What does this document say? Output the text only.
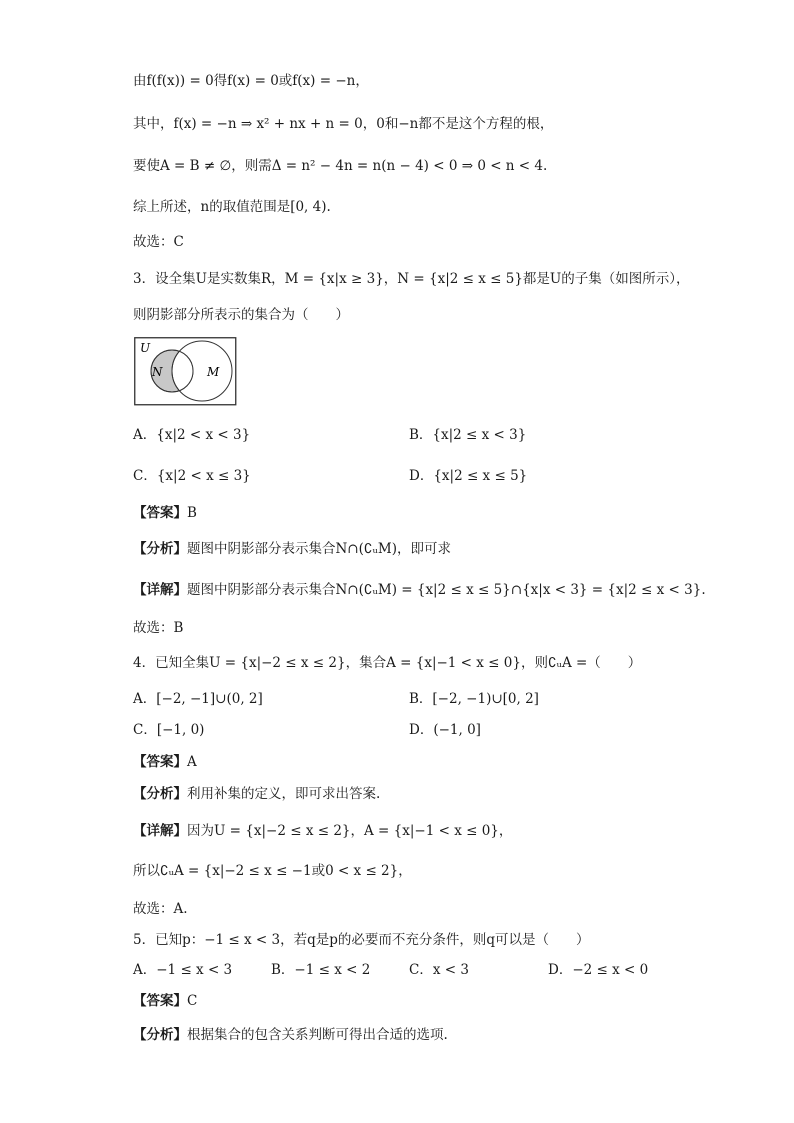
由f(f(x)) = 0得f(x) = 0或f(x) = −n，
其中，f(x) = −n ⇒ x² + nx + n = 0，0和−n都不是这个方程的根，
要使A = B ≠ ∅，则需Δ = n² − 4n = n(n − 4) < 0 ⇒ 0 < n < 4.
综上所述，n的取值范围是[0, 4).
故选：C
3．设全集U是实数集R，M = {x|x ≥ 3}，N = {x|2 ≤ x ≤ 5}都是U的子集（如图所示），
则阴影部分所表示的集合为（　　）
U
N	M
A．{x|2 < x < 3}	B．{x|2 ≤ x < 3}
C．{x|2 < x ≤ 3}	D．{x|2 ≤ x ≤ 5}
【答案】B
【分析】题图中阴影部分表示集合N∩(∁ᵤM)，即可求
【详解】题图中阴影部分表示集合N∩(∁ᵤM) = {x|2 ≤ x ≤ 5}∩{x|x < 3} = {x|2 ≤ x < 3}.
故选：B
4．已知全集U = {x|−2 ≤ x ≤ 2}，集合A = {x|−1 < x ≤ 0}，则∁ᵤA =（　　）
A．[−2, −1]∪(0, 2]	B．[−2, −1)∪[0, 2]
C．[−1, 0)	D．(−1, 0]
【答案】A
【分析】利用补集的定义，即可求出答案.
【详解】因为U = {x|−2 ≤ x ≤ 2}，A = {x|−1 < x ≤ 0}，
所以∁ᵤA = {x|−2 ≤ x ≤ −1或0 < x ≤ 2}，
故选：A.
5．已知p：−1 ≤ x < 3，若q是p的必要而不充分条件，则q可以是（　　）
A．−1 ≤ x < 3	B．−1 ≤ x < 2	C．x < 3	D．−2 ≤ x < 0
【答案】C
【分析】根据集合的包含关系判断可得出合适的选项.
